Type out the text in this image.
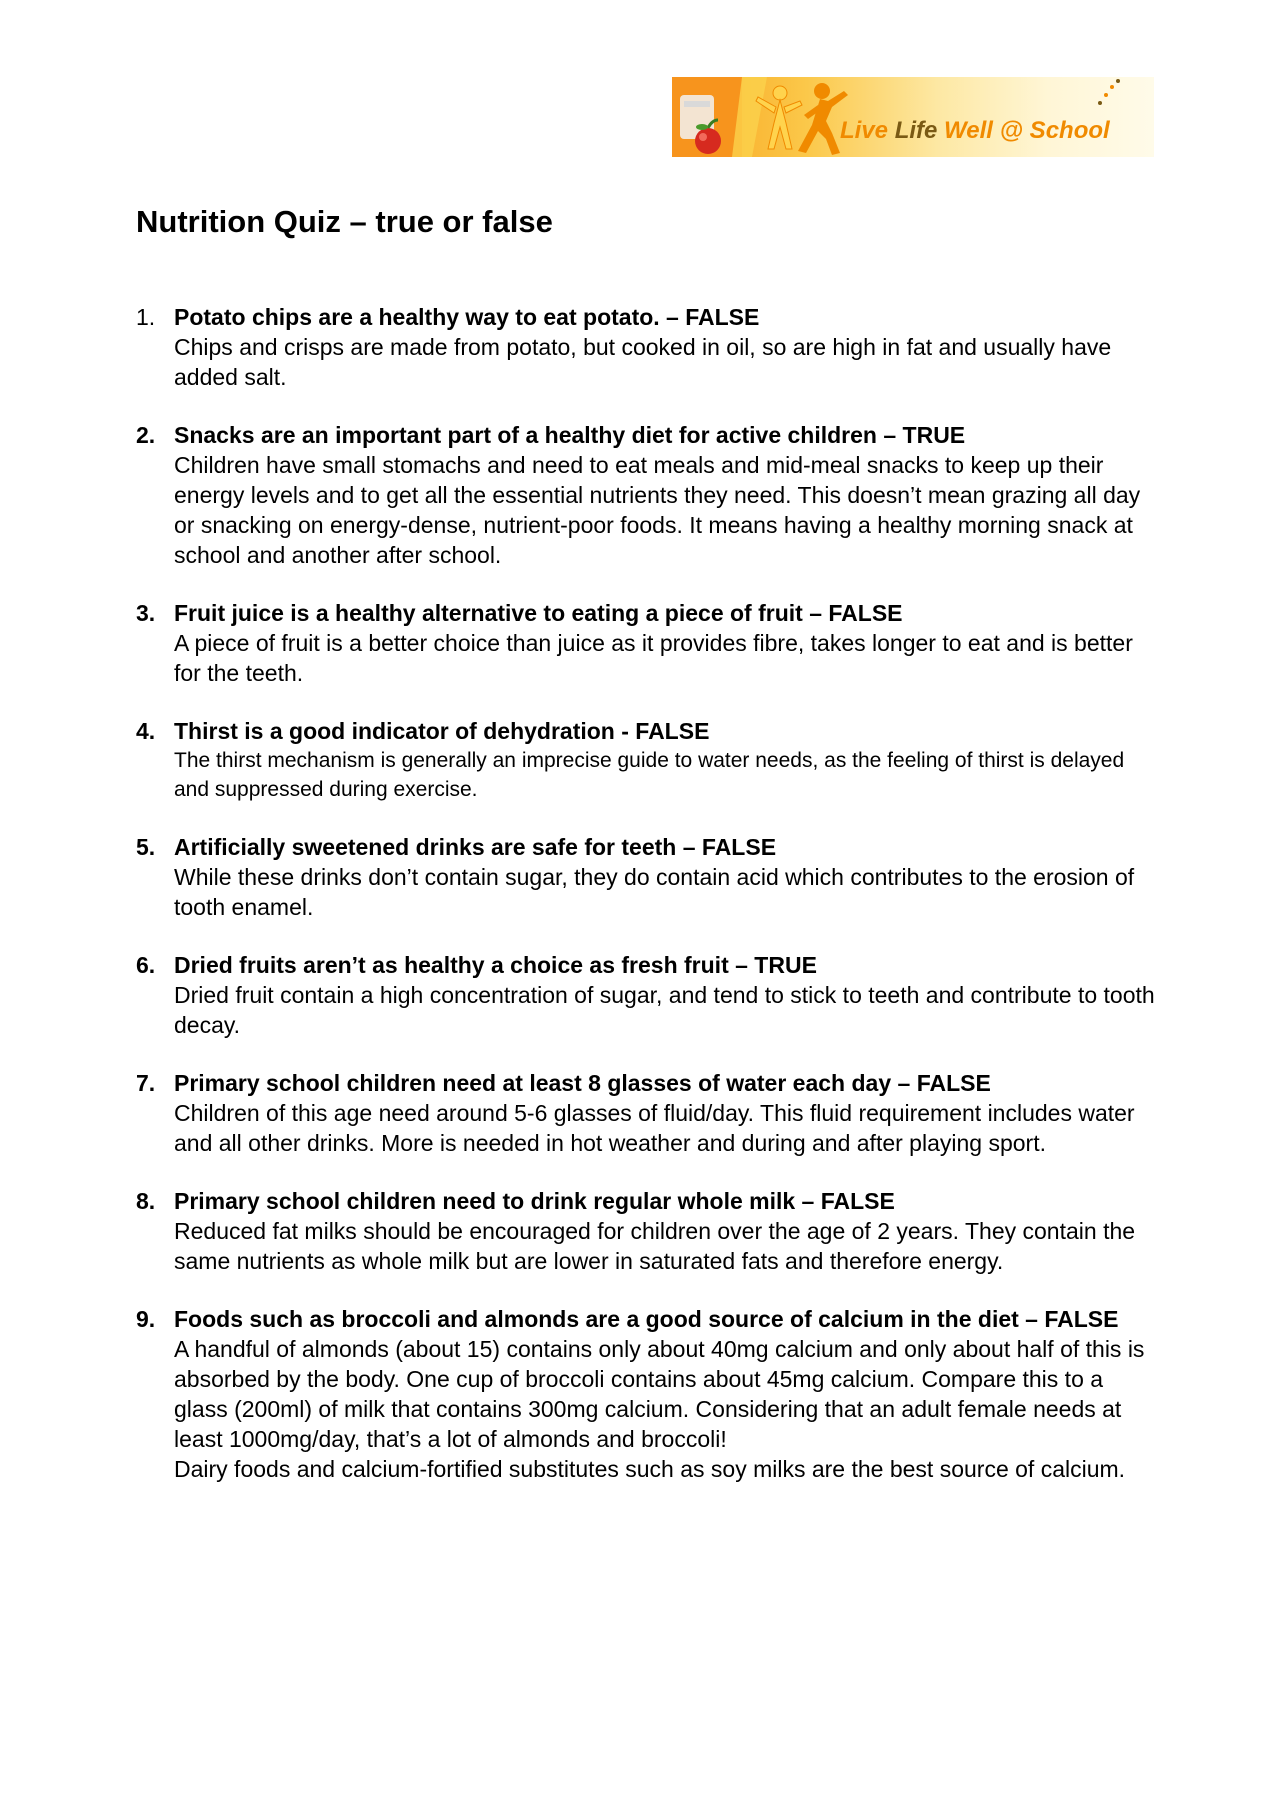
Live Life Well @ School
Nutrition Quiz – true or false
1. Potato chips are a healthy way to eat potato. – FALSE

Chips and crisps are made from potato, but cooked in oil, so are high in fat and usually have added salt.

2. Snacks are an important part of a healthy diet for active children – TRUE

Children have small stomachs and need to eat meals and mid-meal snacks to keep up their energy levels and to get all the essential nutrients they need. This doesn’t mean grazing all day or snacking on energy-dense, nutrient-poor foods. It means having a healthy morning snack at school and another after school.

3. Fruit juice is a healthy alternative to eating a piece of fruit – FALSE

A piece of fruit is a better choice than juice as it provides fibre, takes longer to eat and is better for the teeth.

4. Thirst is a good indicator of dehydration - FALSE

The thirst mechanism is generally an imprecise guide to water needs, as the feeling of thirst is delayed and suppressed during exercise.

5. Artificially sweetened drinks are safe for teeth – FALSE

While these drinks don’t contain sugar, they do contain acid which contributes to the erosion of tooth enamel.

6. Dried fruits aren’t as healthy a choice as fresh fruit – TRUE

Dried fruit contain a high concentration of sugar, and tend to stick to teeth and contribute to tooth decay.

7. Primary school children need at least 8 glasses of water each day – FALSE

Children of this age need around 5-6 glasses of fluid/day. This fluid requirement includes water and all other drinks. More is needed in hot weather and during and after playing sport.

8. Primary school children need to drink regular whole milk – FALSE

Reduced fat milks should be encouraged for children over the age of 2 years. They contain the same nutrients as whole milk but are lower in saturated fats and therefore energy.

9. Foods such as broccoli and almonds are a good source of calcium in the diet – FALSE

A handful of almonds (about 15) contains only about 40mg calcium and only about half of this is absorbed by the body. One cup of broccoli contains about 45mg calcium. Compare this to a glass (200ml) of milk that contains 300mg calcium. Considering that an adult female needs at least 1000mg/day, that’s a lot of almonds and broccoli!

Dairy foods and calcium-fortified substitutes such as soy milks are the best source of calcium.
